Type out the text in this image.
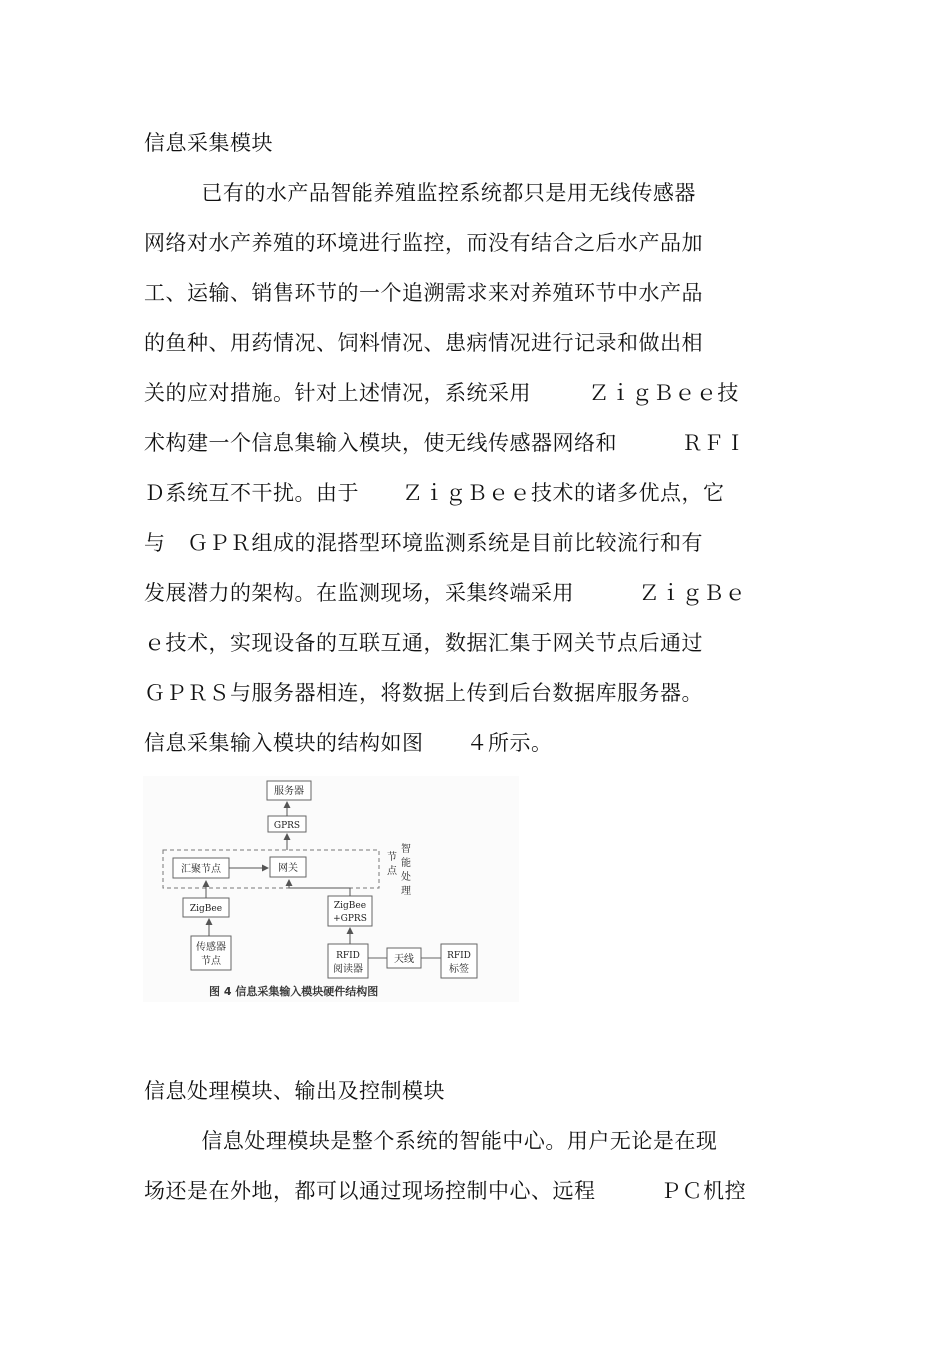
信息采集模块
已有的水产品智能养殖监控系统都只是用无线传感器
网络对水产养殖的环境进行监控，而没有结合之后水产品加
工、运输、销售环节的一个追溯需求来对养殖环节中水产品
的鱼种、用药情况、饲料情况、患病情况进行记录和做出相
关的应对措施。针对上述情况，系统采用        ＺｉｇＢｅｅ技
术构建一个信息集输入模块，使无线传感器网络和         ＲＦＩ
Ｄ系统互不干扰。由于      ＺｉｇＢｅｅ技术的诸多优点，它
与   ＧＰＲ组成的混搭型环境监测系统是目前比较流行和有
发展潜力的架构。在监测现场，采集终端采用         ＺｉｇＢｅ
ｅ技术，实现设备的互联互通，数据汇集于网关节点后通过
ＧＰＲＳ与服务器相连，将数据上传到后台数据库服务器。
信息采集输入模块的结构如图      ４所示。
服务器
GPRS
汇聚节点	网关
节
点
智
能
处
理
ZigBee	ZigBee
+GPRS
传感器
节点	RFID
阅读器
天线	RFID
标签
图 4 信息采集输入模块硬件结构图
信息处理模块、输出及控制模块
信息处理模块是整个系统的智能中心。用户无论是在现
场还是在外地，都可以通过现场控制中心、远程         ＰＣ机控
